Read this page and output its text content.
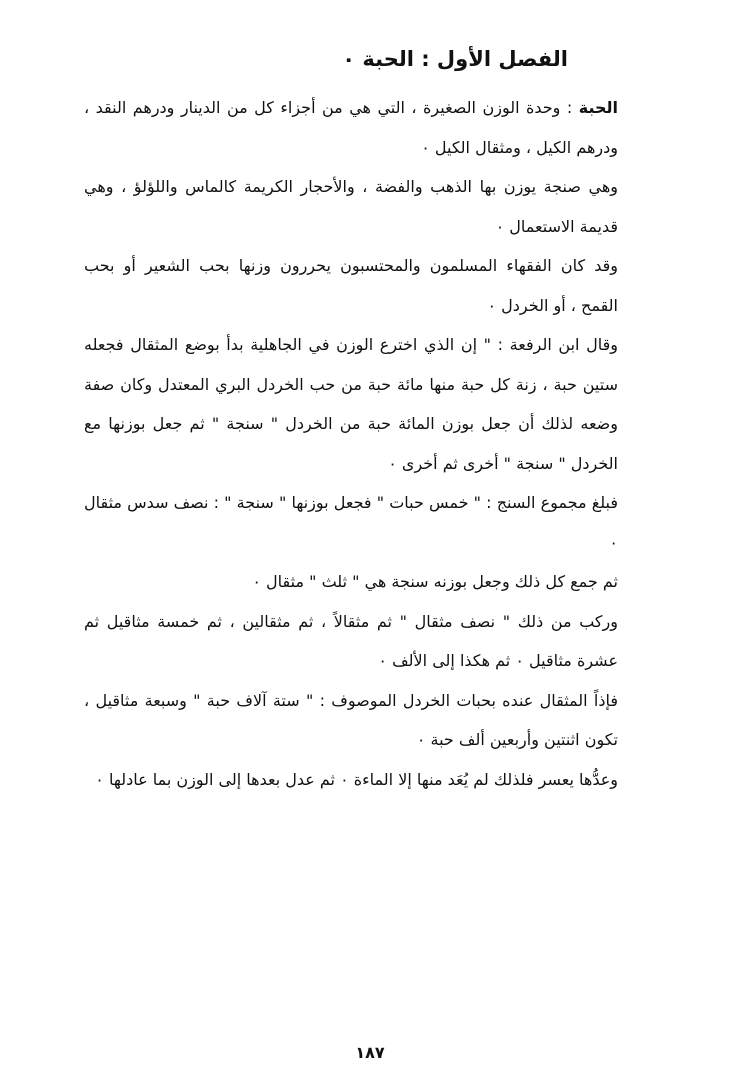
الفصل الأول : الحبة ٠

الحبة : وحدة الوزن الصغيرة ، التي هي من أجزاء كل من الدينار ودرهم النقد ، ودرهم الكيل ، ومثقال الكيل ٠

وهي صنجة يوزن بها الذهب والفضة ، والأحجار الكريمة كالماس واللؤلؤ ، وهي قديمة الاستعمال ٠

وقد كان الفقهاء المسلمون والمحتسبون يحررون وزنها بحب الشعير أو بحب القمح ، أو الخردل ٠

وقال ابن الرفعة : " إن الذي اخترع الوزن في الجاهلية بدأ بوضع المثقال فجعله ستين حبة ، زنة كل حبة منها مائة حبة من حب الخردل البري المعتدل وكان صفة وضعه لذلك أن جعل بوزن المائة حبة من الخردل " سنجة " ثم جعل بوزنها مع الخردل " سنجة " أخرى ثم أخرى ٠

فبلغ مجموع السنج : " خمس حبات " فجعل بوزنها " سنجة " : نصف سدس مثقال ٠

ثم جمع كل ذلك وجعل بوزنه سنجة هي " ثلث " مثقال ٠

وركب من ذلك " نصف مثقال " ثم مثقالاً ، ثم مثقالين ، ثم خمسة مثاقيل ثم عشرة مثاقيل ٠ ثم هكذا إلى الألف ٠

فإذاً المثقال عنده بحبات الخردل الموصوف : " ستة آلاف حبة " وسبعة مثاقيل ، تكون اثنتين وأربعين ألف حبة ٠

وعدُّها يعسر فلذلك لم يُعَد منها إلا الماءة ٠ ثم عدل بعدها إلى الوزن بما عادلها ٠

١٨٧
